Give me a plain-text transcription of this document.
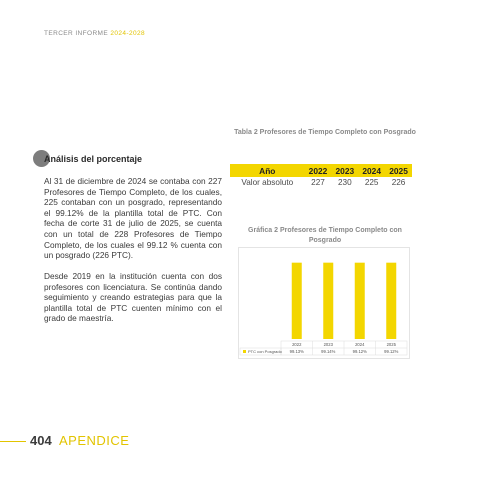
TERCER INFORME 2024-2028
Análisis del porcentaje
Al 31 de diciembre de 2024 se contaba con 227 Profesores de Tiempo Completo, de los cuales, 225 contaban con un posgrado, representando el 99.12% de la plantilla total de PTC. Con fecha de corte 31 de julio de 2025, se cuenta con un total de 228 Profesores de Tiempo Completo, de los cuales el 99.12 % cuenta con un posgrado (226 PTC).
Desde 2019 en la institución cuenta con dos profesores con licenciatura. Se continúa dando seguimiento y creando estrategias para que la plantilla total de PTC cuenten mínimo con el grado de maestría.
Tabla 2 Profesores de Tiempo Completo con Posgrado
Año	2022	2023	2024	2025
Valor absoluto	227	230	225	226
Gráfica 2 Profesores de Tiempo Completo con Posgrado
2022
99.13%
2023
99.14%
2024
99.12%
2025
99.12%
PTC con Posgrado
404 APENDICE
